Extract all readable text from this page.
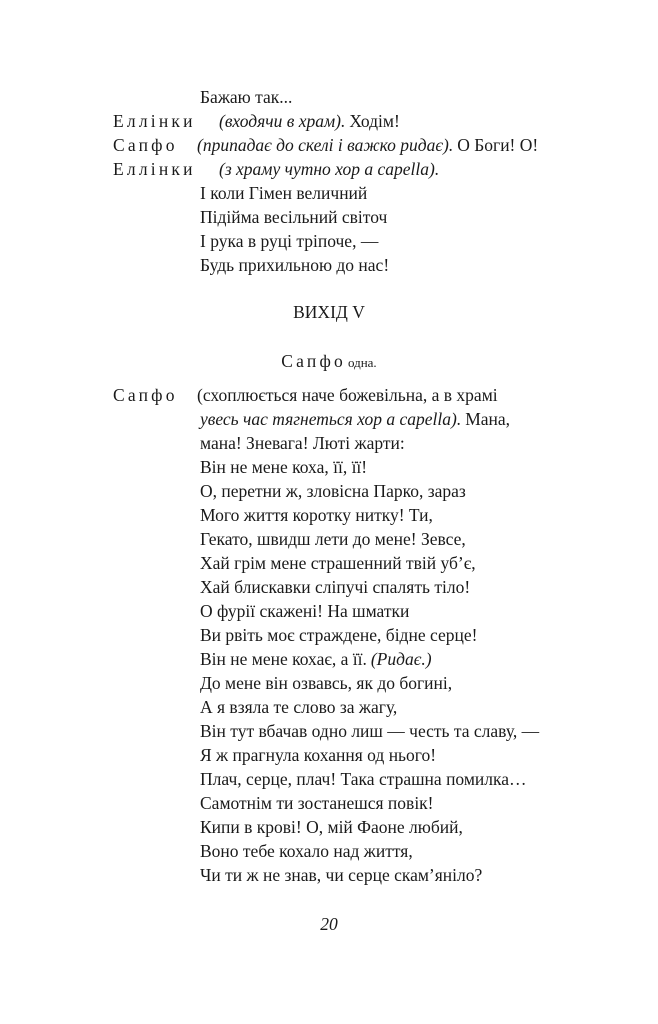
Бажаю так...
Еллінки (входячи в храм). Ходім!
Сапфо (припадає до скелі і важко ридає). О Боги! О!
Еллінки (з храму чутно хор a capella).
І коли Гімен величний
Підійма весільний світоч
І рука в руці тріпоче, —
Будь прихильною до нас!
ВИХІД V
Сапфо одна.
Сапфо (схоплюється наче божевільна, а в храмі
увесь час тягнеться хор a capella). Мана,
мана! Зневага! Люті жарти:
Він не мене коха, її, її!
О, перетни ж, зловісна Парко, зараз
Мого життя коротку нитку! Ти,
Гекато, швидш лети до мене! Зевсе,
Хай грім мене страшенний твій уб’є,
Хай блискавки сліпучі спалять тіло!
О фурії скажені! На шматки
Ви рвіть моє страждене, бідне серце!
Він не мене кохає, а її. (Ридає.)
До мене він озвавсь, як до богині,
А я взяла те слово за жагу,
Він тут вбачав одно лиш — честь та славу, —
Я ж прагнула кохання од нього!
Плач, серце, плач! Така страшна помилка…
Самотнім ти зостанешся повік!
Кипи в крові! О, мій Фаоне любий,
Воно тебе кохало над життя,
Чи ти ж не знав, чи серце скам’яніло?
20
